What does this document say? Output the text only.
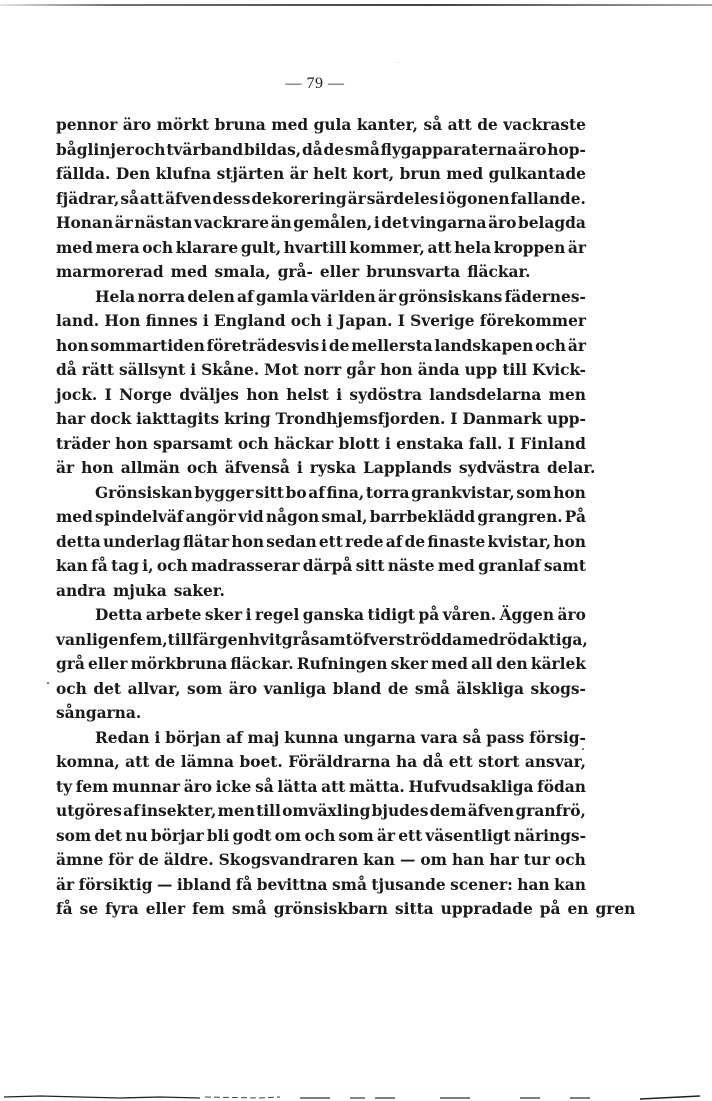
— 79 —
pennor äro mörkt bruna med gula kanter, så att de vackraste
båglinjer och tvärband bildas, då de små flygapparaterna äro hop-
fällda. Den klufna stjärten är helt kort, brun med gulkantade
fjädrar, så att äfven dess dekorering är särdeles i ögonen fallande.
Honan är nästan vackrare än gemålen, i det vingarna äro belagda
med mera och klarare gult, hvartill kommer, att hela kroppen är
marmorerad med smala, grå- eller brunsvarta fläckar.
Hela norra delen af gamla världen är grönsiskans fädernes-
land. Hon finnes i England och i Japan. I Sverige förekommer
hon sommartiden företrädesvis i de mellersta landskapen och är
då rätt sällsynt i Skåne. Mot norr går hon ända upp till Kvick-
jock. I Norge dväljes hon helst i sydöstra landsdelarna men
har dock iakttagits kring Trondhjemsfjorden. I Danmark upp-
träder hon sparsamt och häckar blott i enstaka fall. I Finland
är hon allmän och äfvenså i ryska Lapplands sydvästra delar.
Grönsiskan bygger sitt bo af fina, torra grankvistar, som hon
med spindelväf angör vid någon smal, barrbeklädd grangren. På
detta underlag flätar hon sedan ett rede af de finaste kvistar, hon
kan få tag i, och madrasserar därpå sitt näste med granlaf samt
andra mjuka saker.
Detta arbete sker i regel ganska tidigt på våren. Äggen äro
vanligen fem, till färgen hvitgrå samt öfverströdda med rödaktiga,
grå eller mörkbruna fläckar. Rufningen sker med all den kärlek
och det allvar, som äro vanliga bland de små älskliga skogs-
sångarna.
Redan i början af maj kunna ungarna vara så pass försig-
komna, att de lämna boet. Föräldrarna ha då ett stort ansvar,
ty fem munnar äro icke så lätta att mätta. Hufvudsakliga födan
utgöres af insekter, men till omväxling bjudes dem äfven granfrö,
som det nu börjar bli godt om och som är ett väsentligt närings-
ämne för de äldre. Skogsvandraren kan — om han har tur och
är försiktig — ibland få bevittna små tjusande scener: han kan
få se fyra eller fem små grönsiskbarn sitta uppradade på en gren
